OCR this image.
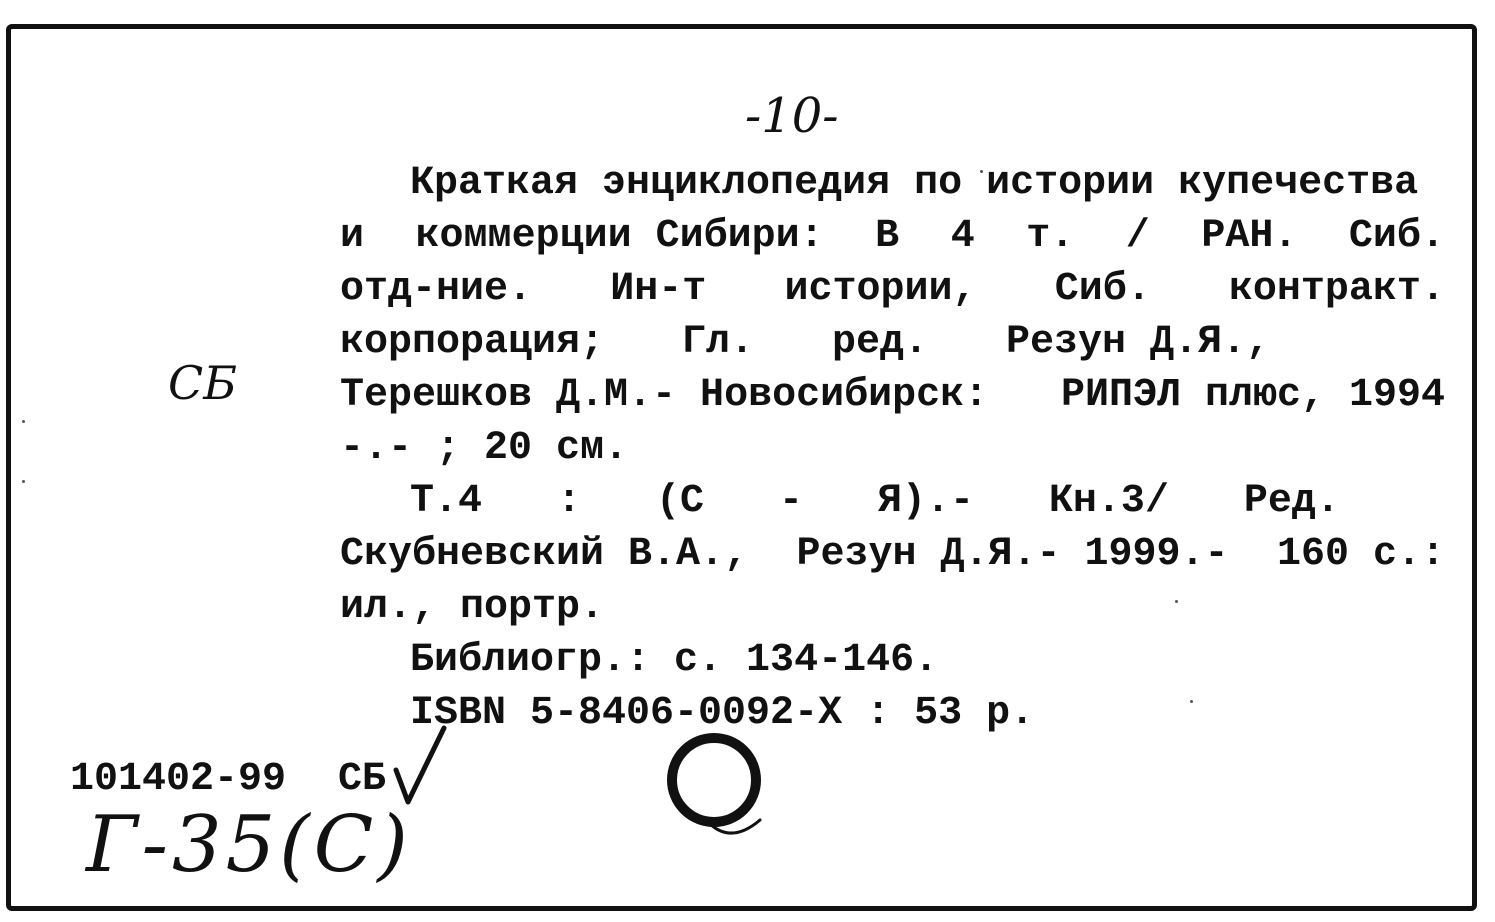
-10-
Краткая энциклопедия по истории купечества
и коммерции Сибири: В 4 т. / РАН. Сиб.
отд-ние. Ин-т истории, Сиб. контракт.
корпорация; Гл. ред. Резун Д.Я.,
Терешков Д.М.- Новосибирск: РИПЭЛ плюс, 1994
-.- ; 20 см.
Т.4 : (С - Я).- Кн.3/ Ред.
Скубневский В.А., Резун Д.Я.- 1999.- 160 с.:
ил., портр.
Библиогр.: с. 134-146.
ISBN 5-8406-0092-X : 53 р.
СБ
101402-99 СБ
Г-35(С)
